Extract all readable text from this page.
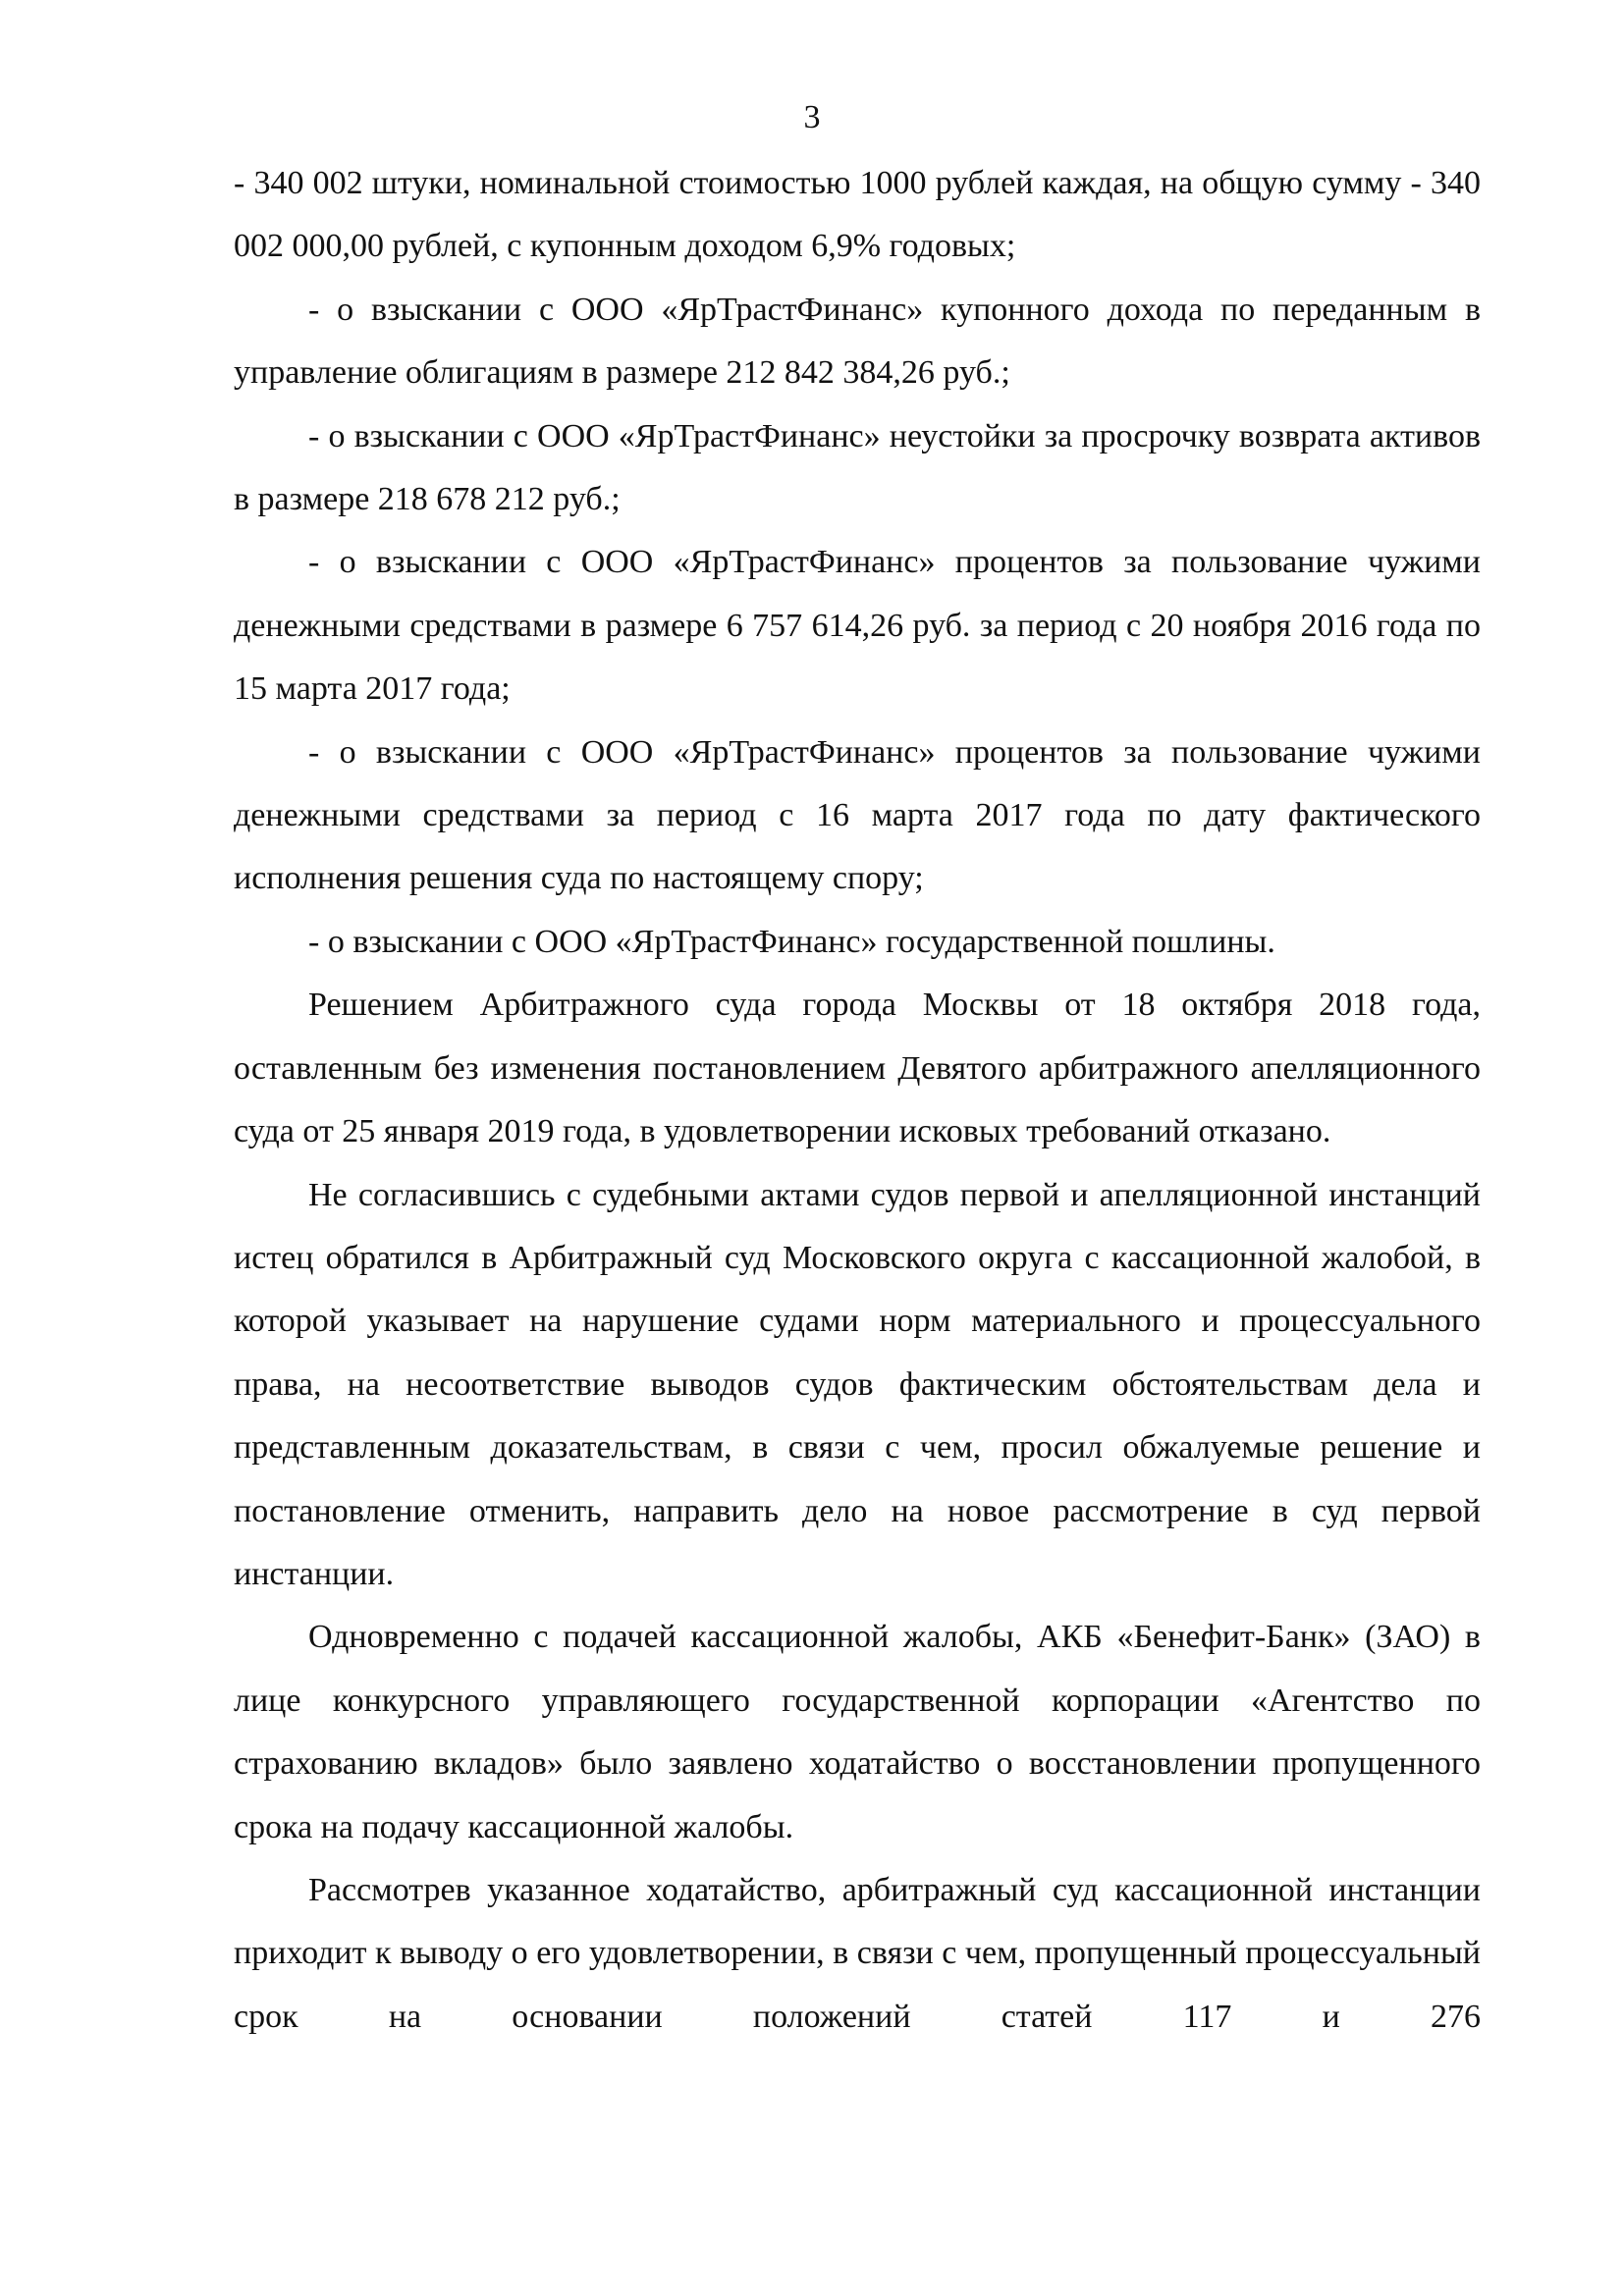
3

- 340 002 штуки, номинальной стоимостью 1000 рублей каждая, на общую сумму - 340 002 000,00 рублей, с купонным доходом 6,9% годовых;

- о взыскании с ООО «ЯрТрастФинанс» купонного дохода по переданным в управление облигациям в размере 212 842 384,26 руб.;

- о взыскании с ООО «ЯрТрастФинанс» неустойки за просрочку возврата активов в размере 218 678 212 руб.;

- о взыскании с ООО «ЯрТрастФинанс» процентов за пользование чужими денежными средствами в размере 6 757 614,26 руб. за период с 20 ноября 2016 года по 15 марта 2017 года;

- о взыскании с ООО «ЯрТрастФинанс» процентов за пользование чужими денежными средствами за период с 16 марта 2017 года по дату фактического исполнения решения суда по настоящему спору;

- о взыскании с ООО «ЯрТрастФинанс» государственной пошлины.

Решением Арбитражного суда города Москвы от 18 октября 2018 года, оставленным без изменения постановлением Девятого арбитражного апелляционного суда от 25 января 2019 года, в удовлетворении исковых требований отказано.

Не согласившись с судебными актами судов первой и апелляционной инстанций истец обратился в Арбитражный суд Московского округа с кассационной жалобой, в которой указывает на нарушение судами норм материального и процессуального права, на несоответствие выводов судов фактическим обстоятельствам дела и представленным доказательствам, в связи с чем, просил обжалуемые решение и постановление отменить, направить дело на новое рассмотрение в суд первой инстанции.

Одновременно с подачей кассационной жалобы, АКБ «Бенефит-Банк» (ЗАО) в лице конкурсного управляющего государственной корпорации «Агентство по страхованию вкладов» было заявлено ходатайство о восстановлении пропущенного срока на подачу кассационной жалобы.

Рассмотрев указанное ходатайство, арбитражный суд кассационной инстанции приходит к выводу о его удовлетворении, в связи с чем, пропущенный процессуальный срок на основании положений статей 117 и 276
